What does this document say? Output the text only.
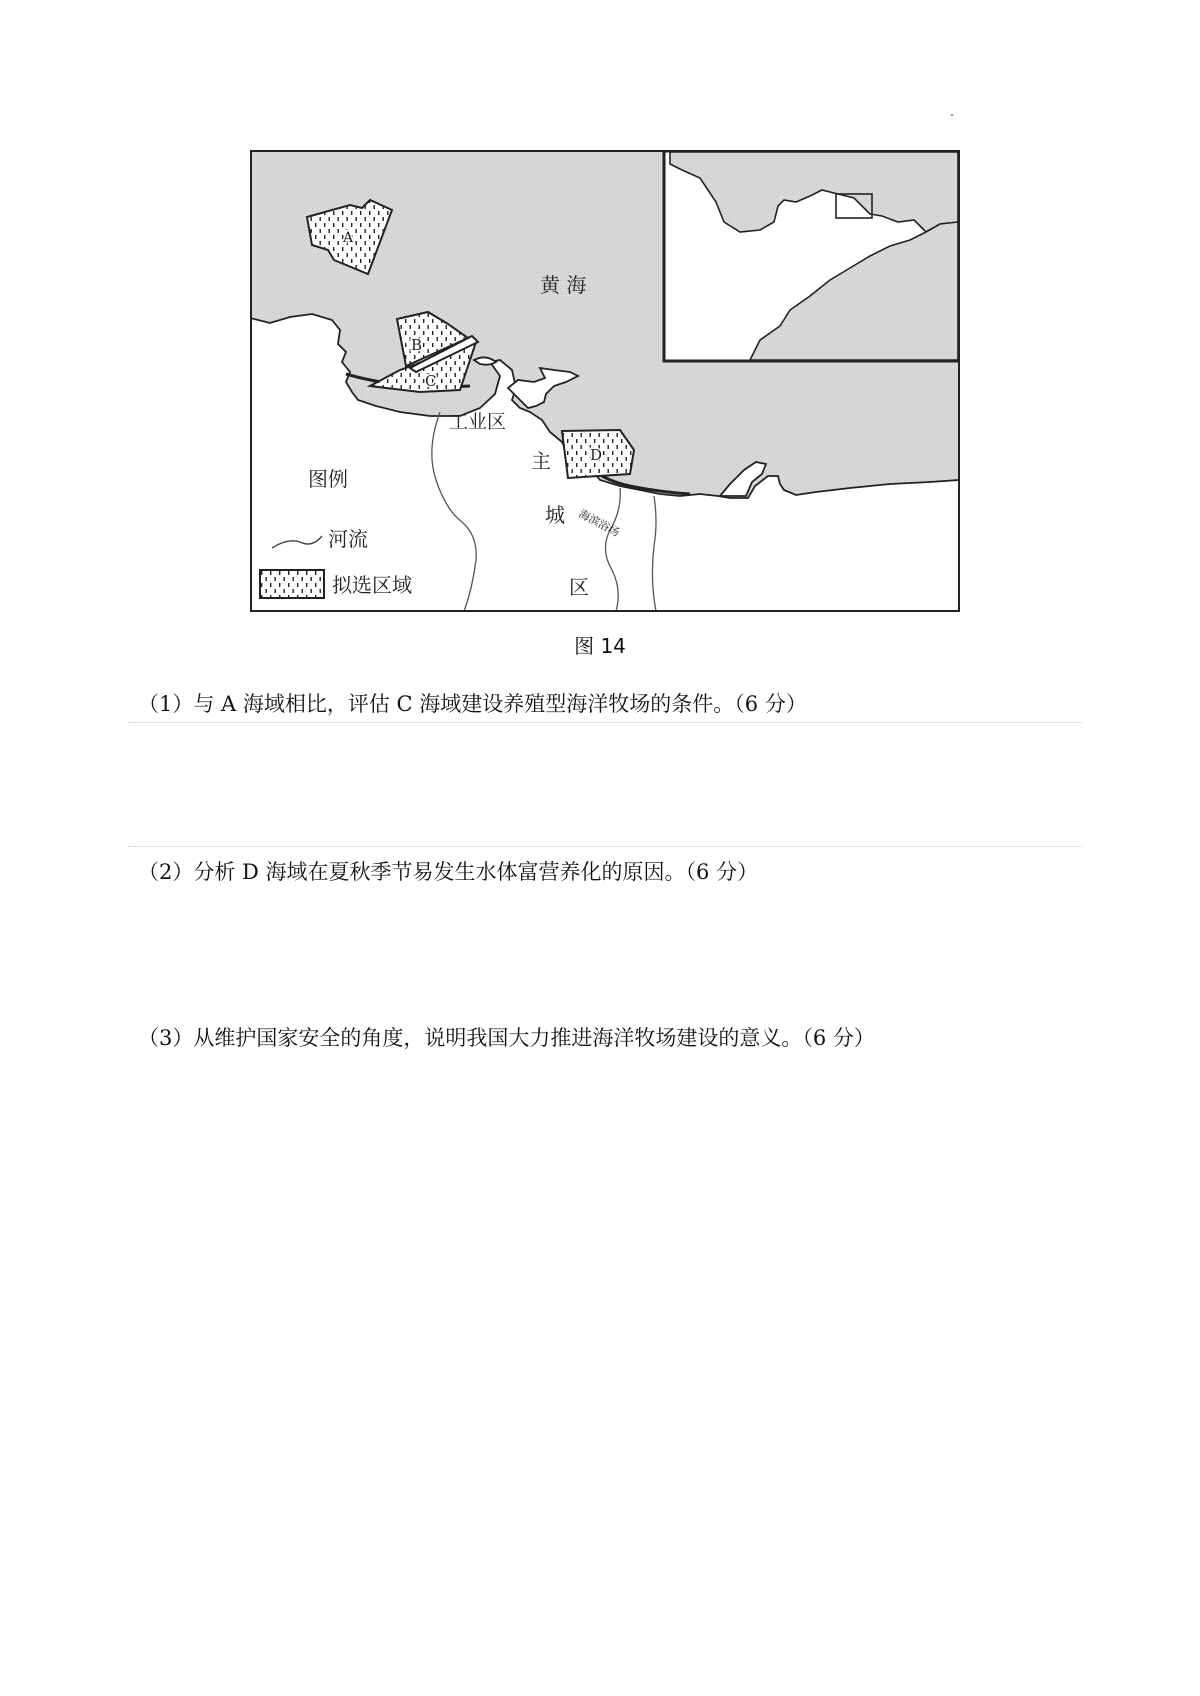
A
B
C
D
黄 海
工业区
主
城
区
海滨浴场
图例
河流
拟选区域
图 14
（1）与 A 海域相比，评估 C 海域建设养殖型海洋牧场的条件。（6 分）
（2）分析 D 海域在夏秋季节易发生水体富营养化的原因。（6 分）
（3）从维护国家安全的角度，说明我国大力推进海洋牧场建设的意义。（6 分）
